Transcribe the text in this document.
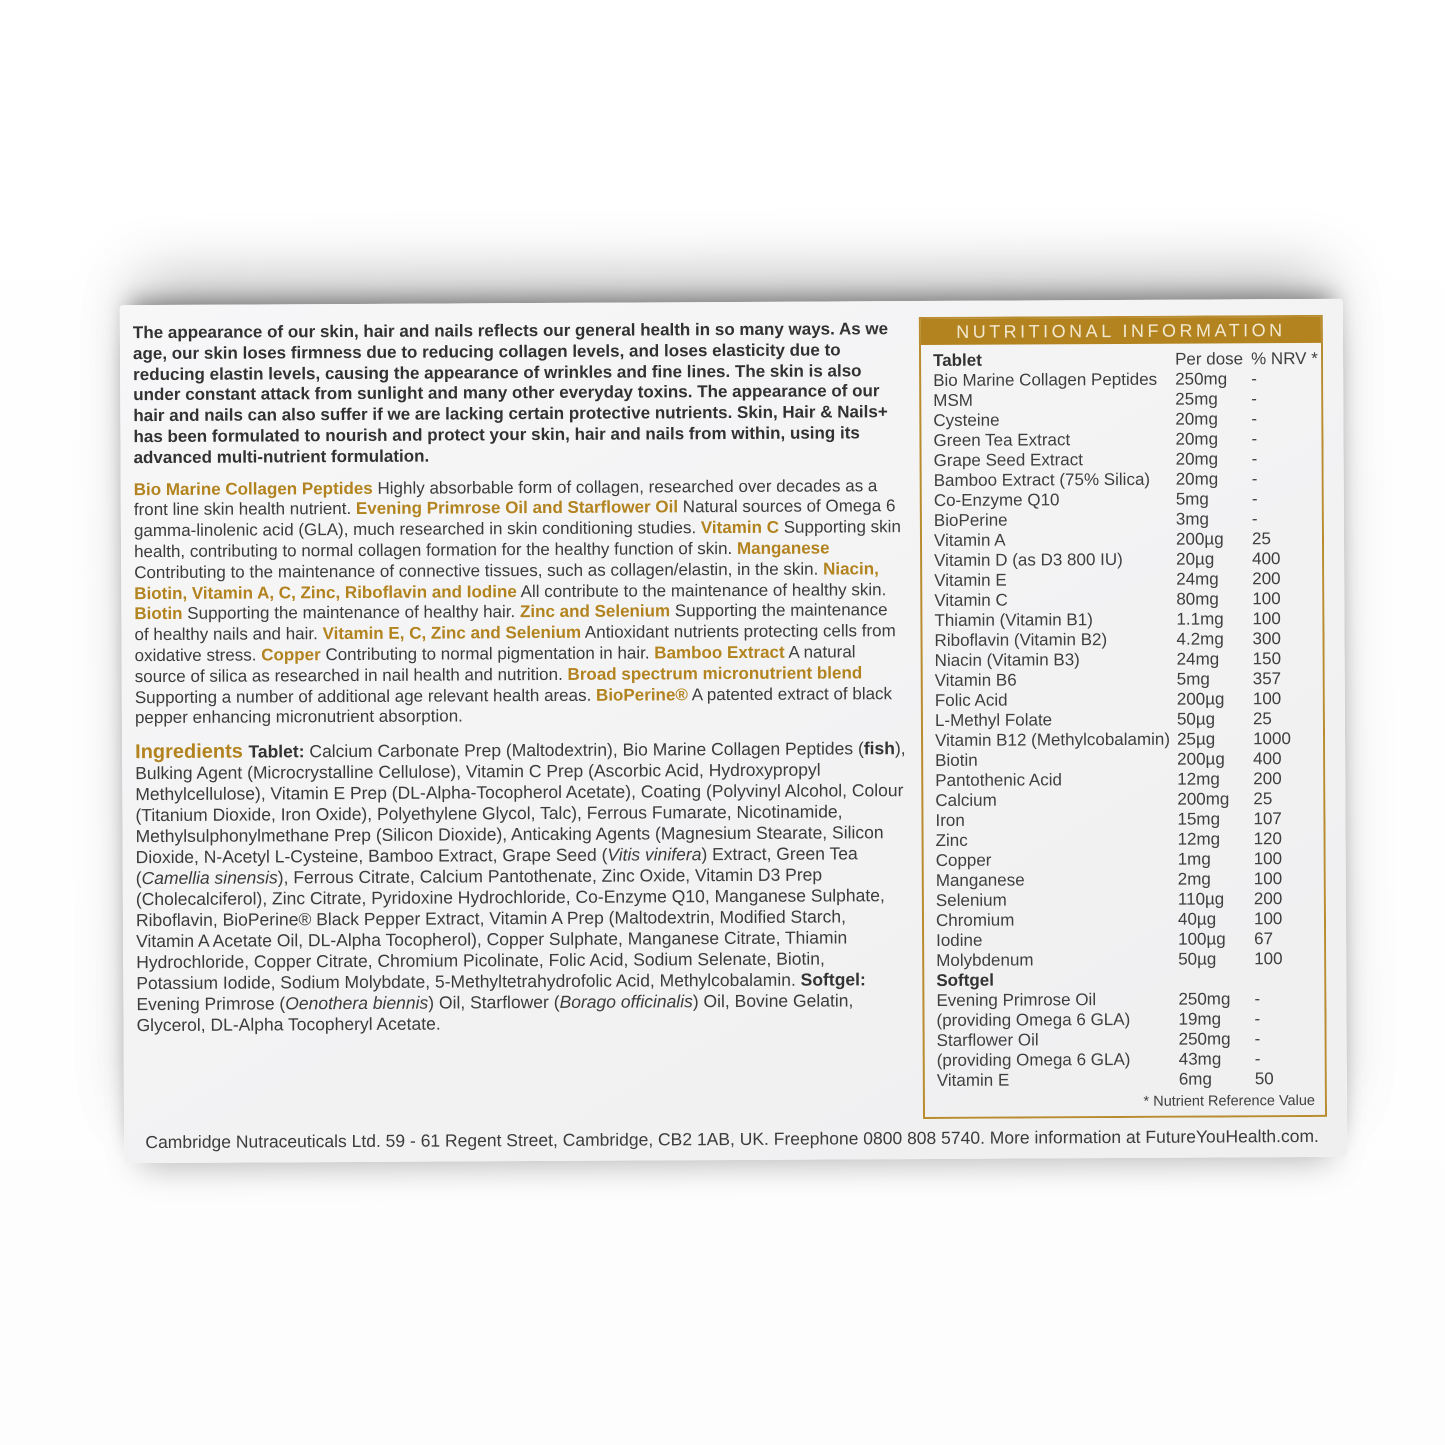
The appearance of our skin, hair and nails reflects our general health in so many ways. As we age, our skin loses firmness due to reducing collagen levels, and loses elasticity due to reducing elastin levels, causing the appearance of wrinkles and fine lines. The skin is also under constant attack from sunlight and many other everyday toxins. The appearance of our hair and nails can also suffer if we are lacking certain protective nutrients. Skin, Hair & Nails+ has been formulated to nourish and protect your skin, hair and nails from within, using its advanced multi-nutrient formulation.

Bio Marine Collagen Peptides Highly absorbable form of collagen, researched over decades as a front line skin health nutrient. Evening Primrose Oil and Starflower Oil Natural sources of Omega 6 gamma-linolenic acid (GLA), much researched in skin conditioning studies. Vitamin C Supporting skin health, contributing to normal collagen formation for the healthy function of skin. Manganese Contributing to the maintenance of connective tissues, such as collagen/elastin, in the skin. Niacin, Biotin, Vitamin A, C, Zinc, Riboflavin and Iodine All contribute to the maintenance of healthy skin. Biotin Supporting the maintenance of healthy hair. Zinc and Selenium Supporting the maintenance of healthy nails and hair. Vitamin E, C, Zinc and Selenium Antioxidant nutrients protecting cells from oxidative stress. Copper Contributing to normal pigmentation in hair. Bamboo Extract A natural source of silica as researched in nail health and nutrition. Broad spectrum micronutrient blend Supporting a number of additional age relevant health areas. BioPerine® A patented extract of black pepper enhancing micronutrient absorption.

Ingredients Tablet: Calcium Carbonate Prep (Maltodextrin), Bio Marine Collagen Peptides (fish), Bulking Agent (Microcrystalline Cellulose), Vitamin C Prep (Ascorbic Acid, Hydroxypropyl Methylcellulose), Vitamin E Prep (DL-Alpha-Tocopherol Acetate), Coating (Polyvinyl Alcohol, Colour (Titanium Dioxide, Iron Oxide), Polyethylene Glycol, Talc), Ferrous Fumarate, Nicotinamide, Methylsulphonylmethane Prep (Silicon Dioxide), Anticaking Agents (Magnesium Stearate, Silicon Dioxide, N-Acetyl L-Cysteine, Bamboo Extract, Grape Seed (Vitis vinifera) Extract, Green Tea (Camellia sinensis), Ferrous Citrate, Calcium Pantothenate, Zinc Oxide, Vitamin D3 Prep (Cholecalciferol), Zinc Citrate, Pyridoxine Hydrochloride, Co-Enzyme Q10, Manganese Sulphate, Riboflavin, BioPerine® Black Pepper Extract, Vitamin A Prep (Maltodextrin, Modified Starch, Vitamin A Acetate Oil, DL-Alpha Tocopherol), Copper Sulphate, Manganese Citrate, Thiamin Hydrochloride, Copper Citrate, Chromium Picolinate, Folic Acid, Sodium Selenate, Biotin, Potassium Iodide, Sodium Molybdate, 5-Methyltetrahydrofolic Acid, Methylcobalamin. Softgel: Evening Primrose (Oenothera biennis) Oil, Starflower (Borago officinalis) Oil, Bovine Gelatin, Glycerol, DL-Alpha Tocopheryl Acetate.

NUTRITIONAL INFORMATION
Tablet	Per dose % NRV *
Bio Marine Collagen Peptides	250mg	-
MSM	25mg	-
Cysteine	20mg	-
Green Tea Extract	20mg	-
Grape Seed Extract	20mg	-
Bamboo Extract (75% Silica)	20mg	-
Co-Enzyme Q10	5mg	-
BioPerine	3mg	-
Vitamin A	200µg	25
Vitamin D (as D3 800 IU)	20µg	400
Vitamin E	24mg	200
Vitamin C	80mg	100
Thiamin (Vitamin B1)	1.1mg	100
Riboflavin (Vitamin B2)	4.2mg	300
Niacin (Vitamin B3)	24mg	150
Vitamin B6	5mg	357
Folic Acid	200µg	100
L-Methyl Folate	50µg	25
Vitamin B12 (Methylcobalamin) 25µg	1000
Biotin	200µg	400
Pantothenic Acid	12mg	200
Calcium	200mg	25
Iron	15mg	107
Zinc	12mg	120
Copper	1mg	100
Manganese	2mg	100
Selenium	110µg	200
Chromium	40µg	100
Iodine	100µg	67
Molybdenum	50µg	100
Softgel
Evening Primrose Oil	250mg	-
(providing Omega 6 GLA)	19mg	-
Starflower Oil	250mg	-
(providing Omega 6 GLA)	43mg	-
Vitamin E	6mg	50
* Nutrient Reference Value
Cambridge Nutraceuticals Ltd. 59 - 61 Regent Street, Cambridge, CB2 1AB, UK. Freephone 0800 808 5740. More information at FutureYouHealth.com.
